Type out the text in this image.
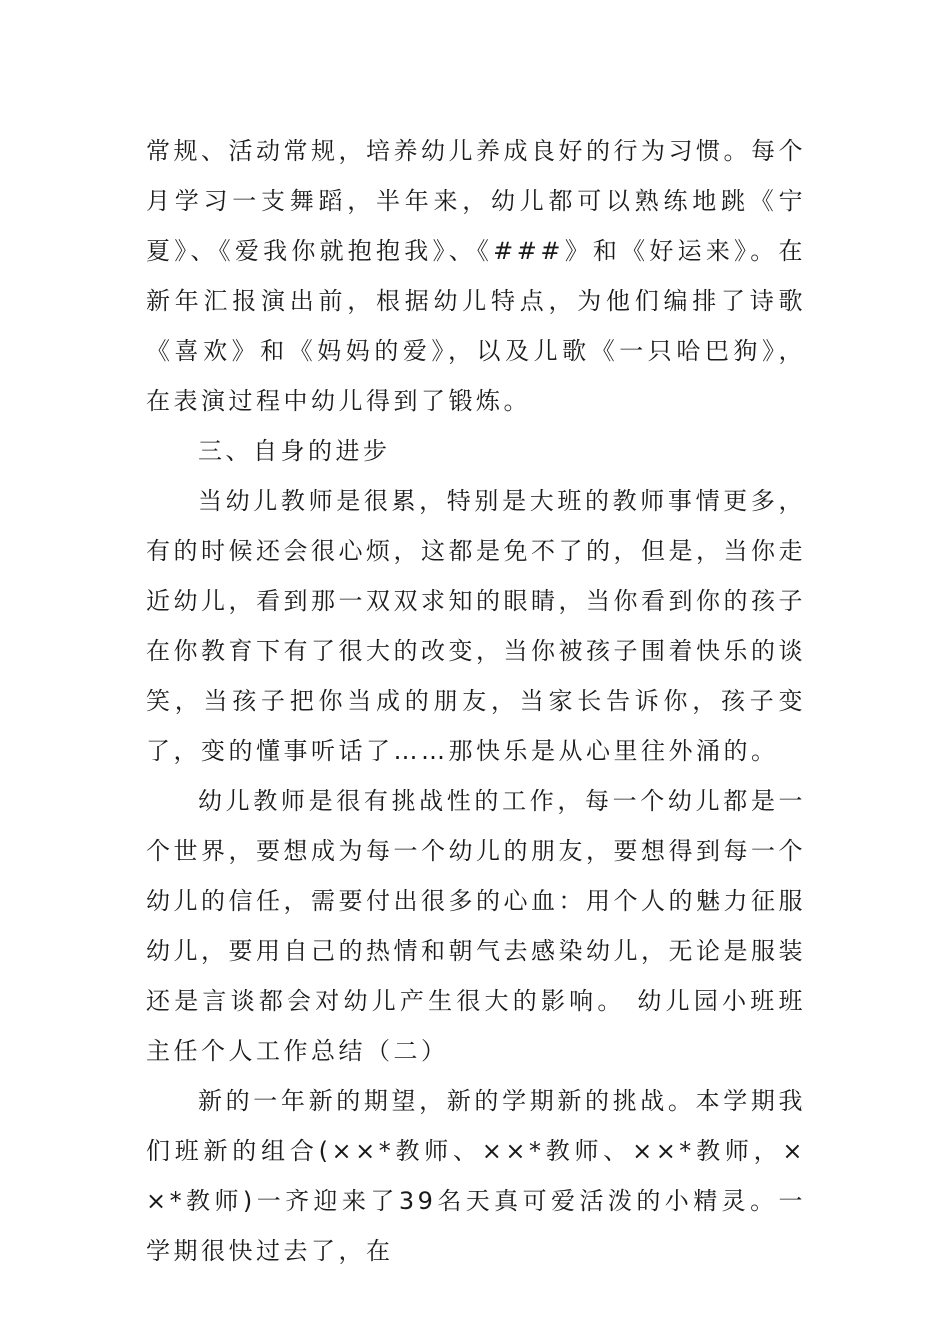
常规、活动常规，培养幼儿养成良好的行为习惯。每个月学习一支舞蹈，半年来，幼儿都可以熟练地跳《宁夏》、《爱我你就抱抱我》、《###》和《好运来》。在新年汇报演出前，根据幼儿特点，为他们编排了诗歌《喜欢》和《妈妈的爱》，以及儿歌《一只哈巴狗》，在表演过程中幼儿得到了锻炼。

三、自身的进步

当幼儿教师是很累，特别是大班的教师事情更多，有的时候还会很心烦，这都是免不了的，但是，当你走近幼儿，看到那一双双求知的眼睛，当你看到你的孩子在你教育下有了很大的改变，当你被孩子围着快乐的谈笑，当孩子把你当成的朋友，当家长告诉你，孩子变了，变的懂事听话了……那快乐是从心里往外涌的。

幼儿教师是很有挑战性的工作，每一个幼儿都是一个世界，要想成为每一个幼儿的朋友，要想得到每一个幼儿的信任，需要付出很多的心血：用个人的魅力征服幼儿，要用自己的热情和朝气去感染幼儿，无论是服装还是言谈都会对幼儿产生很大的影响。 幼儿园小班班主任个人工作总结（二）

新的一年新的期望，新的学期新的挑战。本学期我们班新的组合(××*教师、××*教师、××*教师，××*教师)一齐迎来了39名天真可爱活泼的小精灵。一学期很快过去了，在
